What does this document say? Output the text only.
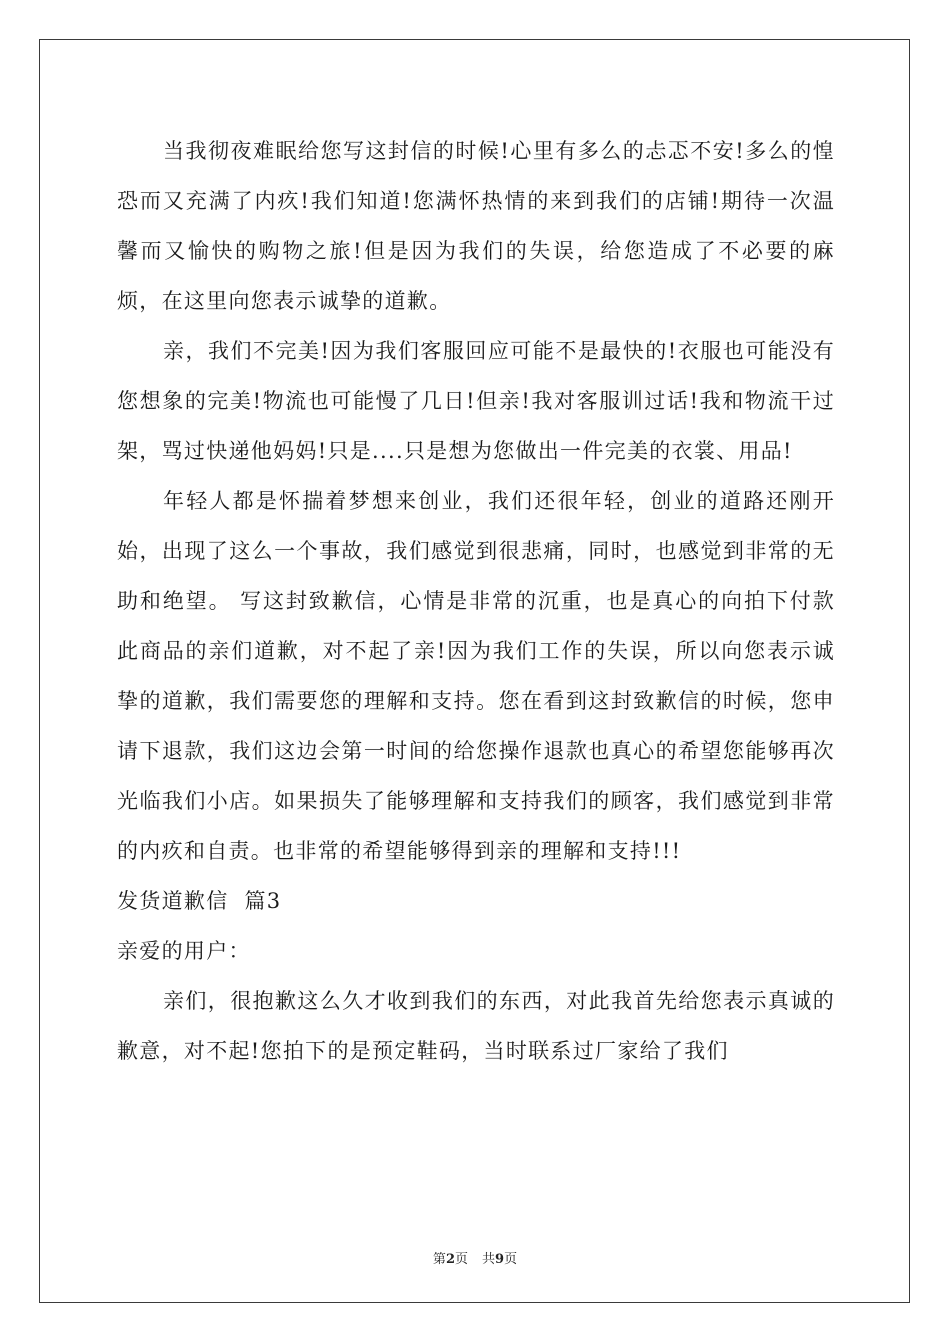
当我彻夜难眠给您写这封信的时候!心里有多么的忐忑不安!多么的惶恐而又充满了内疚!我们知道!您满怀热情的来到我们的店铺!期待一次温馨而又愉快的购物之旅!但是因为我们的失误，给您造成了不必要的麻烦，在这里向您表示诚挚的道歉。

亲，我们不完美!因为我们客服回应可能不是最快的!衣服也可能没有您想象的完美!物流也可能慢了几日!但亲!我对客服训过话!我和物流干过架，骂过快递他妈妈!只是....只是想为您做出一件完美的衣裳、用品!

年轻人都是怀揣着梦想来创业，我们还很年轻，创业的道路还刚开始，出现了这么一个事故，我们感觉到很悲痛，同时，也感觉到非常的无助和绝望。 写这封致歉信，心情是非常的沉重，也是真心的向拍下付款此商品的亲们道歉，对不起了亲!因为我们工作的失误，所以向您表示诚挚的道歉，我们需要您的理解和支持。您在看到这封致歉信的时候，您申请下退款，我们这边会第一时间的给您操作退款也真心的希望您能够再次光临我们小店。如果损失了能够理解和支持我们的顾客，我们感觉到非常的内疚和自责。也非常的希望能够得到亲的理解和支持!!!

发货道歉信  篇3

亲爱的用户：

亲们，很抱歉这么久才收到我们的东西，对此我首先给您表示真诚的歉意，对不起!您拍下的是预定鞋码，当时联系过厂家给了我们

第2页 共9页
